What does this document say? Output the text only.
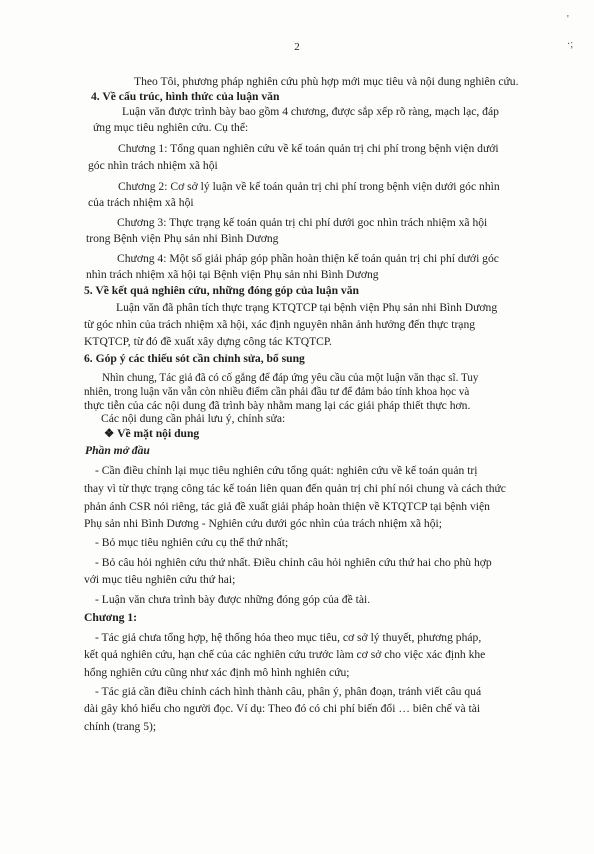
2
'
·;
Theo Tôi, phương pháp nghiên cứu phù hợp mới mục tiêu và nội dung nghiên cứu.
4. Về cấu trúc, hình thức của luận văn
Luận văn được trình bày bao gồm 4 chương, được sắp xếp rõ ràng, mạch lạc, đáp
ứng mục tiêu nghiên cứu. Cụ thể:
Chương 1: Tổng quan nghiên cứu về kế toán quản trị chi phí trong bệnh viện dưới
góc nhìn trách nhiệm xã hội
Chương 2: Cơ sở lý luận về kế toán quản trị chi phí trong bệnh viện dưới góc nhìn
của trách nhiệm xã hội
Chương 3: Thực trạng kế toán quản trị chi phí dưới goc nhìn trách nhiệm xã hội
trong Bệnh viện Phụ sản nhi Bình Dương
Chương 4: Một số giải pháp góp phần hoàn thiện kế toán quản trị chi phí dưới góc
nhìn trách nhiệm xã hội tại Bệnh viện Phụ sản nhi Bình Dương
5. Về kết quả nghiên cứu, những đóng góp của luận văn
Luận văn đã phân tích thực trạng KTQTCP tại bệnh viện Phụ sản nhi Bình Dương
từ góc nhìn của trách nhiệm xã hội, xác định nguyên nhân ảnh hưởng đến thực trạng
KTQTCP, từ đó đề xuất xây dựng công tác KTQTCP.
6. Góp ý các thiếu sót cần chỉnh sửa, bổ sung
Nhìn chung, Tác giả đã có cố gắng để đáp ứng yêu cầu của một luận văn thạc sĩ. Tuy
nhiên, trong luận văn vẫn còn nhiều điểm cần phải đầu tư để đảm bảo tính khoa học và
thực tiễn của các nội dung đã trình bày nhằm mang lại các giải pháp thiết thực hơn.
Các nội dung cần phải lưu ý, chỉnh sửa:
❖ Về mặt nội dung
Phần mở đầu
- Cần điều chỉnh lại mục tiêu nghiên cứu tổng quát: nghiên cứu về kế toán quản trị
thay vì từ thực trạng công tác kế toán liên quan đến quản trị chi phí nói chung và cách thức
phản ánh CSR nói riêng, tác giả đề xuất giải pháp hoàn thiện về KTQTCP tại bệnh viện
Phụ sản nhi Bình Dương - Nghiên cứu dưới góc nhìn của trách nhiệm xã hội;
- Bỏ mục tiêu nghiên cứu cụ thể thứ nhất;
- Bỏ câu hỏi nghiên cứu thứ nhất. Điều chỉnh câu hỏi nghiên cứu thứ hai cho phù hợp
với mục tiêu nghiên cứu thứ hai;
- Luận văn chưa trình bày được những đóng góp của đề tài.
Chương 1:
- Tác giả chưa tổng hợp, hệ thống hóa theo mục tiêu, cơ sở lý thuyết, phương pháp,
kết quả nghiên cứu, hạn chế của các nghiên cứu trước làm cơ sở cho việc xác định khe
hổng nghiên cứu cũng như xác định mô hình nghiên cứu;
- Tác giả cần điều chỉnh cách hình thành câu, phân ý, phân đoạn, tránh viết câu quá
dài gây khó hiểu cho người đọc. Ví dụ: Theo đó có chi phí biến đổi … biên chế và tài
chính (trang 5);
